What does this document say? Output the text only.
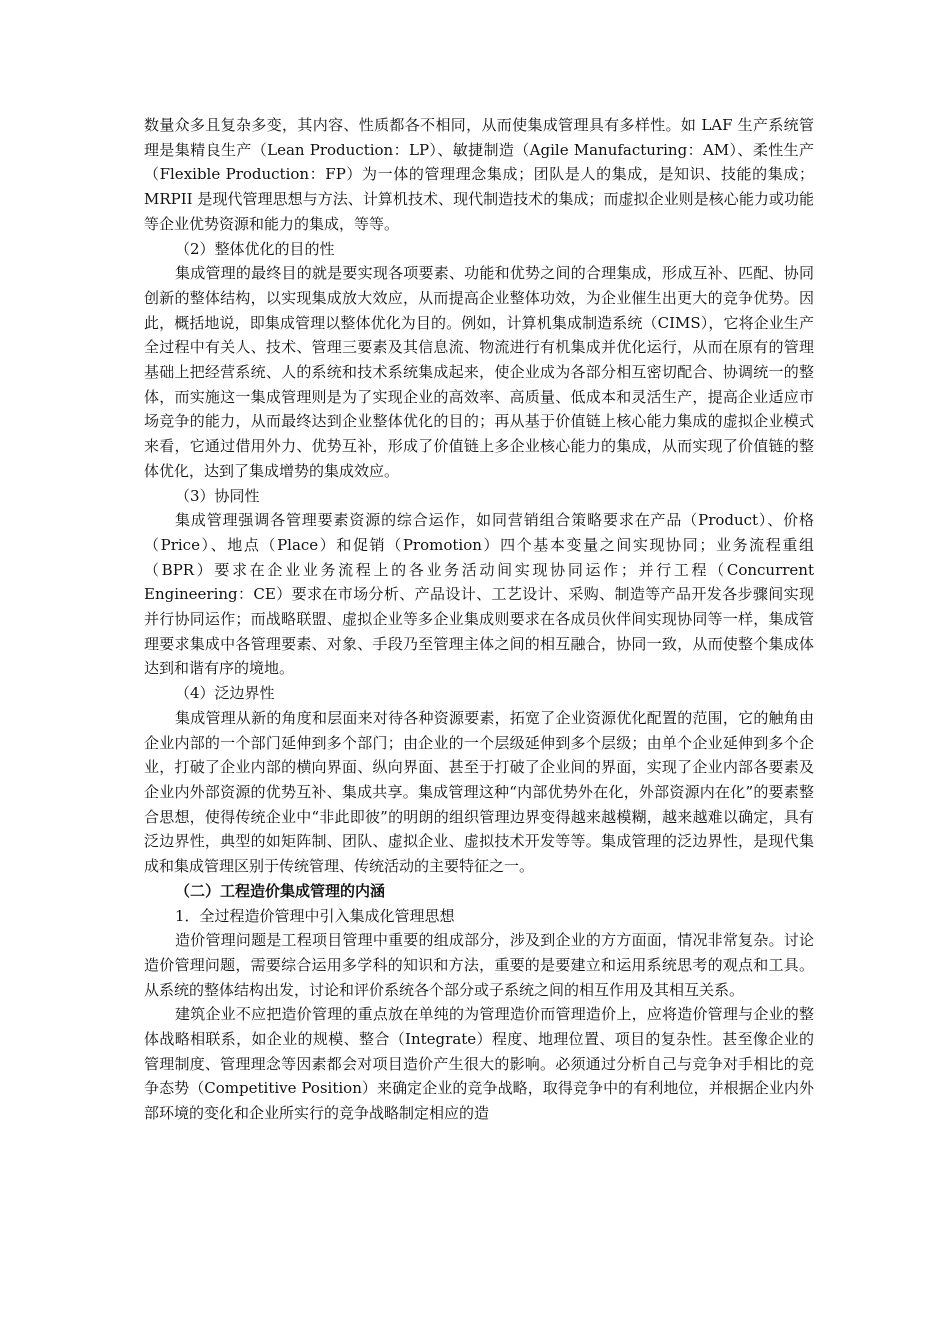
数量众多且复杂多变，其内容、性质都各不相同，从而使集成管理具有多样性。如 LAF 生产系统管理是集精良生产（Lean Production：LP）、敏捷制造（Agile Manufacturing：AM）、柔性生产（Flexible Production：FP）为一体的管理理念集成；团队是人的集成，是知识、技能的集成；MRPII 是现代管理思想与方法、计算机技术、现代制造技术的集成；而虚拟企业则是核心能力或功能等企业优势资源和能力的集成，等等。

（2）整体优化的目的性

集成管理的最终目的就是要实现各项要素、功能和优势之间的合理集成，形成互补、匹配、协同创新的整体结构，以实现集成放大效应，从而提高企业整体功效，为企业催生出更大的竞争优势。因此，概括地说，即集成管理以整体优化为目的。例如，计算机集成制造系统（CIMS），它将企业生产全过程中有关人、技术、管理三要素及其信息流、物流进行有机集成并优化运行，从而在原有的管理基础上把经营系统、人的系统和技术系统集成起来，使企业成为各部分相互密切配合、协调统一的整体，而实施这一集成管理则是为了实现企业的高效率、高质量、低成本和灵活生产，提高企业适应市场竞争的能力，从而最终达到企业整体优化的目的；再从基于价值链上核心能力集成的虚拟企业模式来看，它通过借用外力、优势互补，形成了价值链上多企业核心能力的集成，从而实现了价值链的整体优化，达到了集成增势的集成效应。

（3）协同性

集成管理强调各管理要素资源的综合运作，如同营销组合策略要求在产品（Product）、价格（Price）、地点（Place）和促销（Promotion）四个基本变量之间实现协同；业务流程重组（BPR）要求在企业业务流程上的各业务活动间实现协同运作；并行工程（Concurrent Engineering：CE）要求在市场分析、产品设计、工艺设计、采购、制造等产品开发各步骤间实现并行协同运作；而战略联盟、虚拟企业等多企业集成则要求在各成员伙伴间实现协同等一样，集成管理要求集成中各管理要素、对象、手段乃至管理主体之间的相互融合，协同一致，从而使整个集成体达到和谐有序的境地。

（4）泛边界性

集成管理从新的角度和层面来对待各种资源要素，拓宽了企业资源优化配置的范围，它的触角由企业内部的一个部门延伸到多个部门；由企业的一个层级延伸到多个层级；由单个企业延伸到多个企业，打破了企业内部的横向界面、纵向界面、甚至于打破了企业间的界面，实现了企业内部各要素及企业内外部资源的优势互补、集成共享。集成管理这种“内部优势外在化，外部资源内在化”的要素整合思想，使得传统企业中“非此即彼”的明朗的组织管理边界变得越来越模糊，越来越难以确定，具有泛边界性，典型的如矩阵制、团队、虚拟企业、虚拟技术开发等等。集成管理的泛边界性，是现代集成和集成管理区别于传统管理、传统活动的主要特征之一。

（二）工程造价集成管理的内涵

1．全过程造价管理中引入集成化管理思想

造价管理问题是工程项目管理中重要的组成部分，涉及到企业的方方面面，情况非常复杂。讨论造价管理问题，需要综合运用多学科的知识和方法，重要的是要建立和运用系统思考的观点和工具。从系统的整体结构出发，讨论和评价系统各个部分或子系统之间的相互作用及其相互关系。

建筑企业不应把造价管理的重点放在单纯的为管理造价而管理造价上，应将造价管理与企业的整体战略相联系，如企业的规模、整合（Integrate）程度、地理位置、项目的复杂性。甚至像企业的管理制度、管理理念等因素都会对项目造价产生很大的影响。必须通过分析自己与竞争对手相比的竞争态势（Competitive Position）来确定企业的竞争战略，取得竞争中的有利地位，并根据企业内外部环境的变化和企业所实行的竞争战略制定相应的造
